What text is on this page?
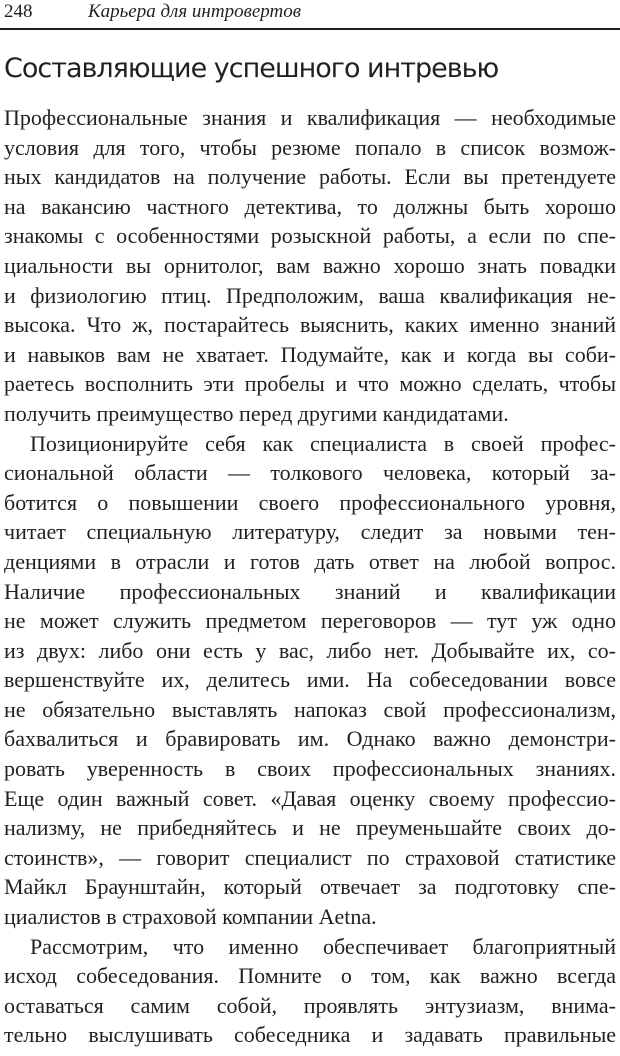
248	Карьера для интровертов
Составляющие успешного интревью
Профессиональные знания и квалификация — необходимые
условия для того, чтобы резюме попало в список возмож-
ных кандидатов на получение работы. Если вы претендуете
на вакансию частного детектива, то должны быть хорошо
знакомы с особенностями розыскной работы, а если по спе-
циальности вы орнитолог, вам важно хорошо знать повадки
и физиологию птиц. Предположим, ваша квалификация не-
высока. Что ж, постарайтесь выяснить, каких именно знаний
и навыков вам не хватает. Подумайте, как и когда вы соби-
раетесь восполнить эти пробелы и что можно сделать, чтобы
получить преимущество перед другими кандидатами.
Позиционируйте себя как специалиста в своей профес-
сиональной области — толкового человека, который за-
ботится о повышении своего профессионального уровня,
читает специальную литературу, следит за новыми тен-
денциями в отрасли и готов дать ответ на любой вопрос.
Наличие профессиональных знаний и квалификации
не может служить предметом переговоров — тут уж одно
из двух: либо они есть у вас, либо нет. Добывайте их, со-
вершенствуйте их, делитесь ими. На собеседовании вовсе
не обязательно выставлять напоказ свой профессионализм,
бахвалиться и бравировать им. Однако важно демонстри-
ровать уверенность в своих профессиональных знаниях.
Еще один важный совет. «Давая оценку своему профессио-
нализму, не прибедняйтесь и не преуменьшайте своих до-
стоинств», — говорит специалист по страховой статистике
Майкл Браунштайн, который отвечает за подготовку спе-
циалистов в страховой компании Aetna.
Рассмотрим, что именно обеспечивает благоприятный
исход собеседования. Помните о том, как важно всегда
оставаться самим собой, проявлять энтузиазм, внима-
тельно выслушивать собеседника и задавать правильные
